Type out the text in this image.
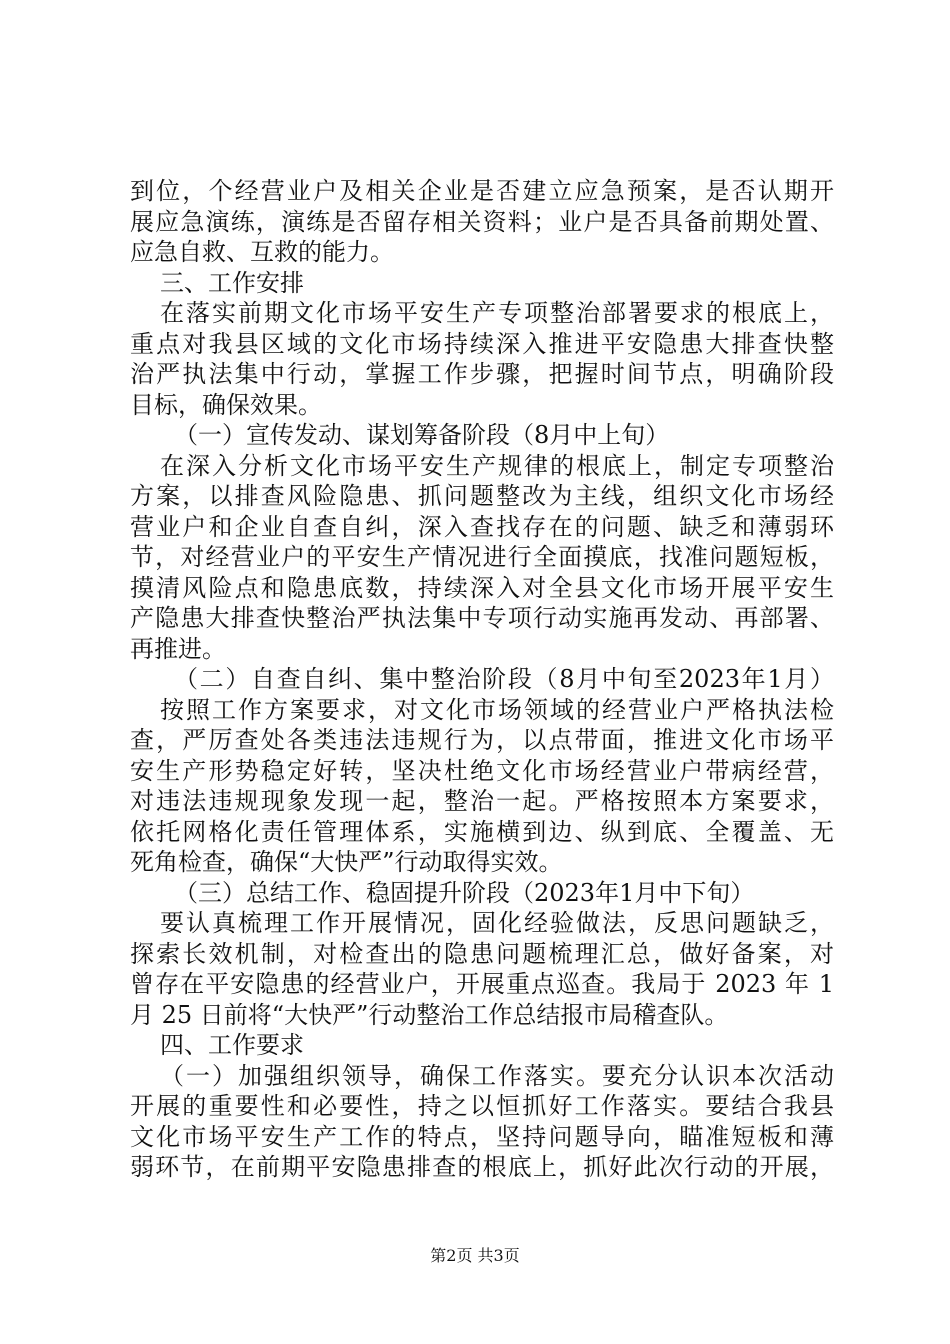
到位，个经营业户及相关企业是否建立应急预案，是否认期开
展应急演练，演练是否留存相关资料；业户是否具备前期处置、
应急自救、互救的能力。
三、工作安排
在落实前期文化市场平安生产专项整治部署要求的根底上，
重点对我县区域的文化市场持续深入推进平安隐患大排查快整
治严执法集中行动，掌握工作步骤，把握时间节点，明确阶段
目标，确保效果。
（一）宣传发动、谋划筹备阶段（8月中上旬）
在深入分析文化市场平安生产规律的根底上，制定专项整治
方案，以排查风险隐患、抓问题整改为主线，组织文化市场经
营业户和企业自查自纠，深入查找存在的问题、缺乏和薄弱环
节，对经营业户的平安生产情况进行全面摸底，找准问题短板，
摸清风险点和隐患底数，持续深入对全县文化市场开展平安生
产隐患大排查快整治严执法集中专项行动实施再发动、再部署、
再推进。
（二）自查自纠、集中整治阶段（8月中旬至2023年1月）
按照工作方案要求，对文化市场领域的经营业户严格执法检
查，严厉查处各类违法违规行为，以点带面，推进文化市场平
安生产形势稳定好转，坚决杜绝文化市场经营业户带病经营，
对违法违规现象发现一起，整治一起。严格按照本方案要求，
依托网格化责任管理体系，实施横到边、纵到底、全覆盖、无
死角检查，确保“大快严”行动取得实效。
（三）总结工作、稳固提升阶段（2023年1月中下旬）
要认真梳理工作开展情况，固化经验做法，反思问题缺乏，
探索长效机制，对检查出的隐患问题梳理汇总，做好备案，对
曾存在平安隐患的经营业户，开展重点巡查。我局于 2023 年 1
月 25 日前将“大快严”行动整治工作总结报市局稽查队。
四、工作要求
（一）加强组织领导，确保工作落实。要充分认识本次活动
开展的重要性和必要性，持之以恒抓好工作落实。要结合我县
文化市场平安生产工作的特点，坚持问题导向，瞄准短板和薄
弱环节，在前期平安隐患排查的根底上，抓好此次行动的开展，
第2页 共3页
